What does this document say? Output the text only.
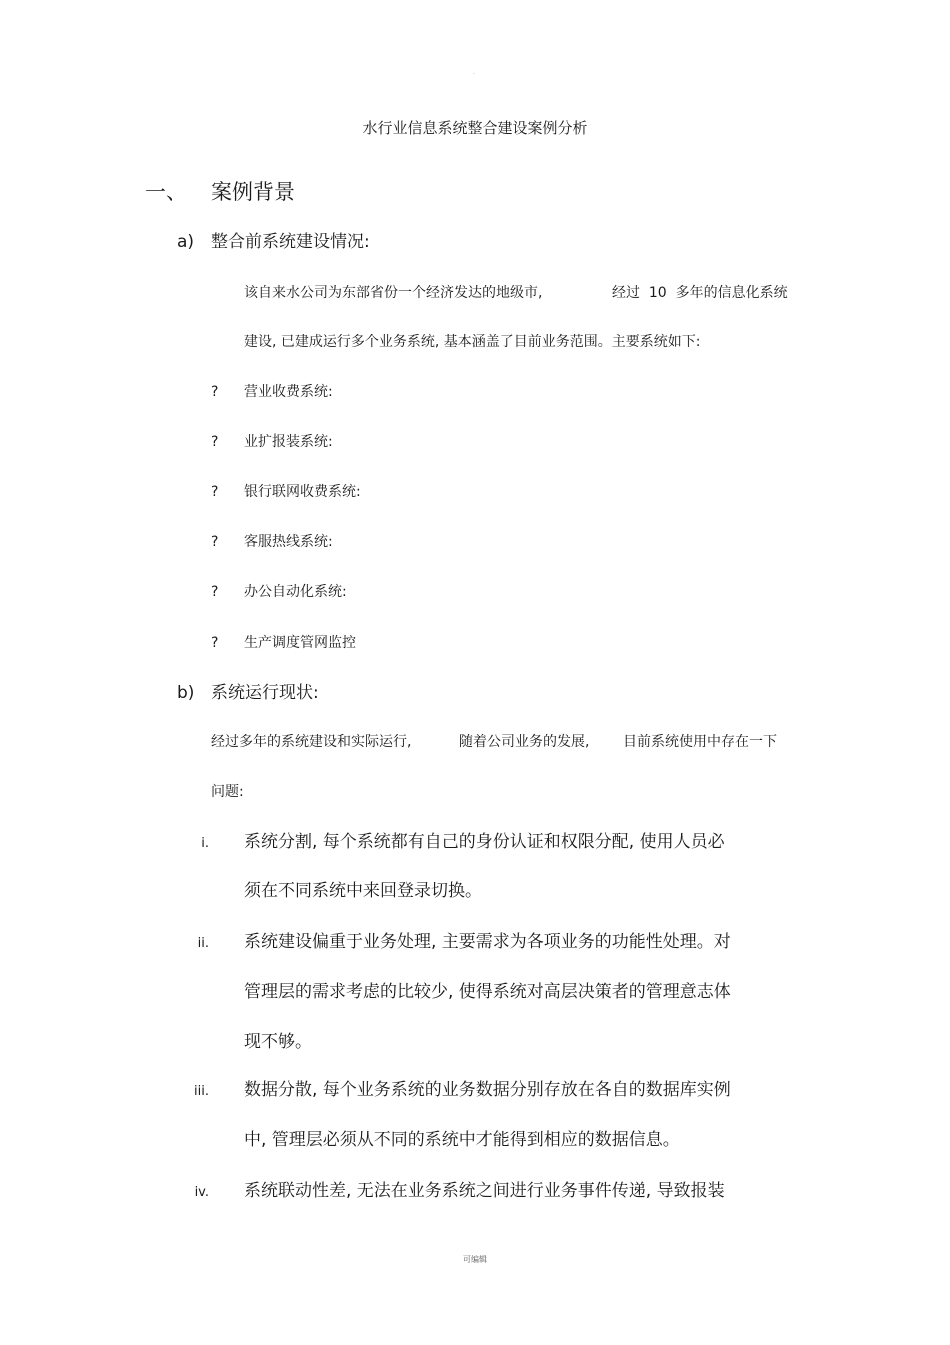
·
水行业信息系统整合建设案例分析
一、 案例背景
a) 整合前系统建设情况:
该自来水公司为东部省份一个经济发达的地级市,	经过  10  多年的信息化系统
建设, 已建成运行多个业务系统, 基本涵盖了目前业务范围。主要系统如下:
? 营业收费系统:
? 业扩报装系统:
? 银行联网收费系统:
? 客服热线系统:
? 办公自动化系统:
? 生产调度管网监控
b) 系统运行现状:
经过多年的系统建设和实际运行,	随着公司业务的发展, 目前系统使用中存在一下
问题:
i. 系统分割, 每个系统都有自己的身份认证和权限分配, 使用人员必
须在不同系统中来回登录切换。
ii. 系统建设偏重于业务处理, 主要需求为各项业务的功能性处理。对
管理层的需求考虑的比较少, 使得系统对高层决策者的管理意志体
现不够。
iii. 数据分散, 每个业务系统的业务数据分别存放在各自的数据库实例
中, 管理层必须从不同的系统中才能得到相应的数据信息。
iv. 系统联动性差, 无法在业务系统之间进行业务事件传递, 导致报装
可编辑
